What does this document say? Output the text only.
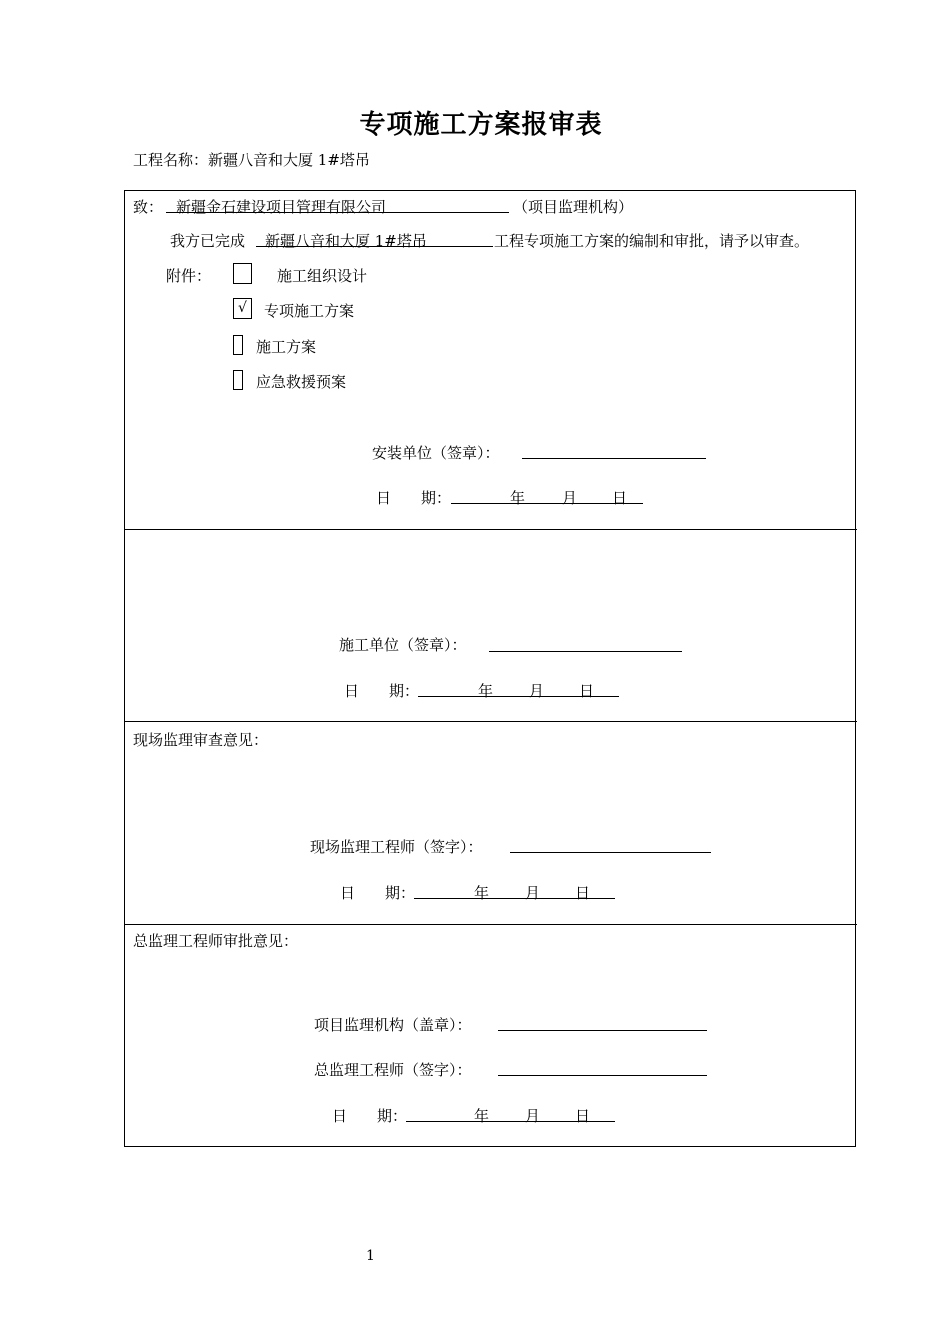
专项施工方案报审表
工程名称：新疆八音和大厦 1#塔吊
致： 新疆金石建设项目管理有限公司	（项目监理机构）
我方已完成 新疆八音和大厦 1#塔吊	工程专项施工方案的编制和审批，请予以审查。
附件：	施工组织设计
√	专项施工方案
施工方案
应急救援预案
安装单位（签章）：
日　　期：	年 月 日
施工单位（签章）：
日　　期：	年 月 日
现场监理审查意见：
现场监理工程师（签字）：
日　　期：	年 月 日
总监理工程师审批意见：
项目监理机构（盖章）：
总监理工程师（签字）：
日　　期：	年 月 日
1
